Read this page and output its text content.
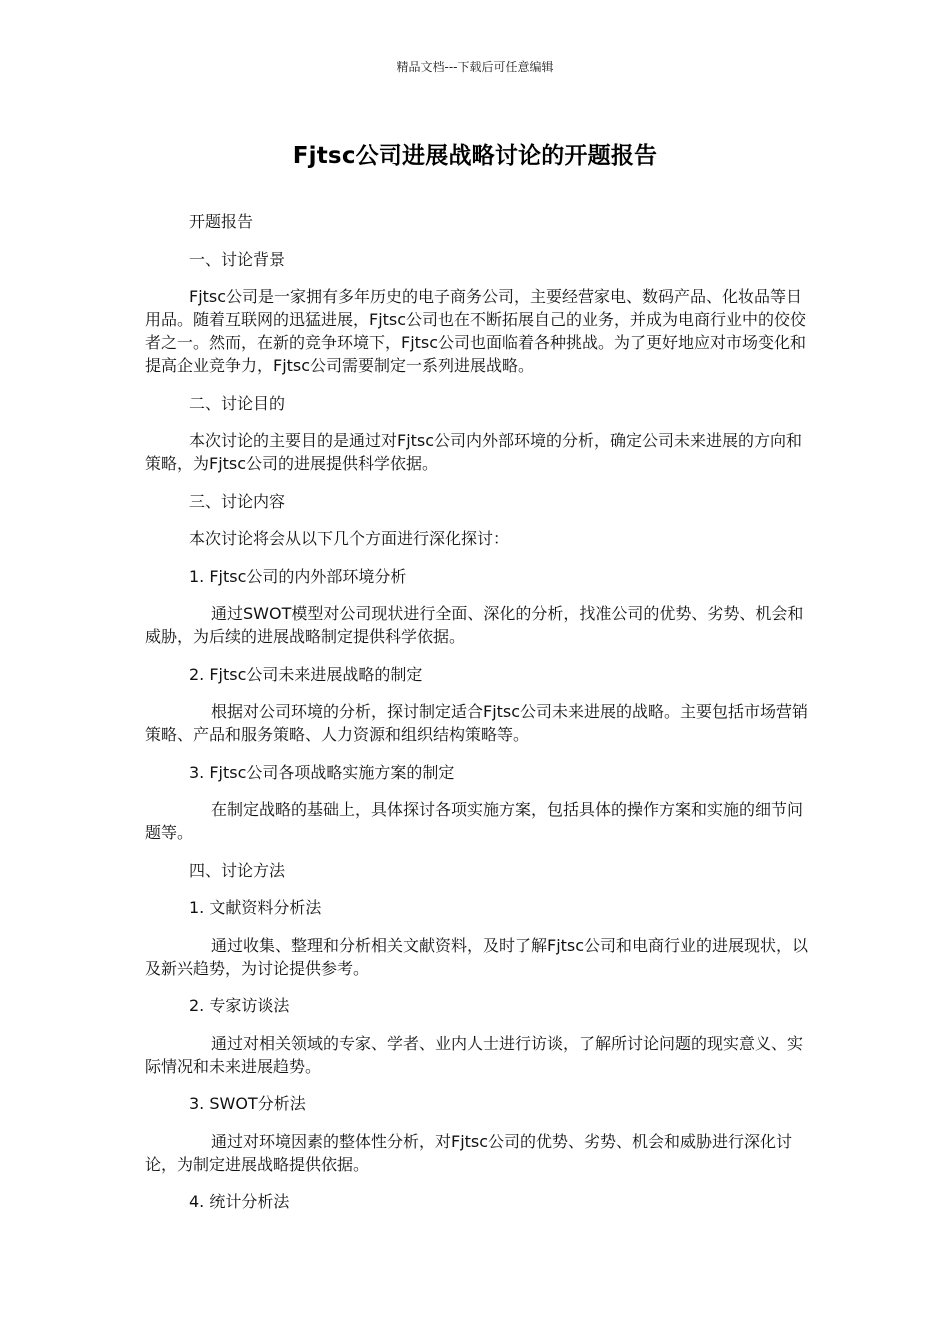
精品文档---下载后可任意编辑
Fjtsc公司进展战略讨论的开题报告

开题报告

一、讨论背景

Fjtsc公司是一家拥有多年历史的电子商务公司，主要经营家电、数码产品、化妆品等日用品。随着互联网的迅猛进展，Fjtsc公司也在不断拓展自己的业务，并成为电商行业中的佼佼者之一。然而，在新的竞争环境下，Fjtsc公司也面临着各种挑战。为了更好地应对市场变化和提高企业竞争力，Fjtsc公司需要制定一系列进展战略。

二、讨论目的

本次讨论的主要目的是通过对Fjtsc公司内外部环境的分析，确定公司未来进展的方向和策略，为Fjtsc公司的进展提供科学依据。

三、讨论内容

本次讨论将会从以下几个方面进行深化探讨：

1. Fjtsc公司的内外部环境分析

通过SWOT模型对公司现状进行全面、深化的分析，找准公司的优势、劣势、机会和威胁，为后续的进展战略制定提供科学依据。

2. Fjtsc公司未来进展战略的制定

根据对公司环境的分析，探讨制定适合Fjtsc公司未来进展的战略。主要包括市场营销策略、产品和服务策略、人力资源和组织结构策略等。

3. Fjtsc公司各项战略实施方案的制定

在制定战略的基础上，具体探讨各项实施方案，包括具体的操作方案和实施的细节问题等。

四、讨论方法

1. 文献资料分析法

通过收集、整理和分析相关文献资料，及时了解Fjtsc公司和电商行业的进展现状，以及新兴趋势，为讨论提供参考。

2. 专家访谈法

通过对相关领域的专家、学者、业内人士进行访谈，了解所讨论问题的现实意义、实际情况和未来进展趋势。

3. SWOT分析法

通过对环境因素的整体性分析，对Fjtsc公司的优势、劣势、机会和威胁进行深化讨论，为制定进展战略提供依据。

4. 统计分析法
